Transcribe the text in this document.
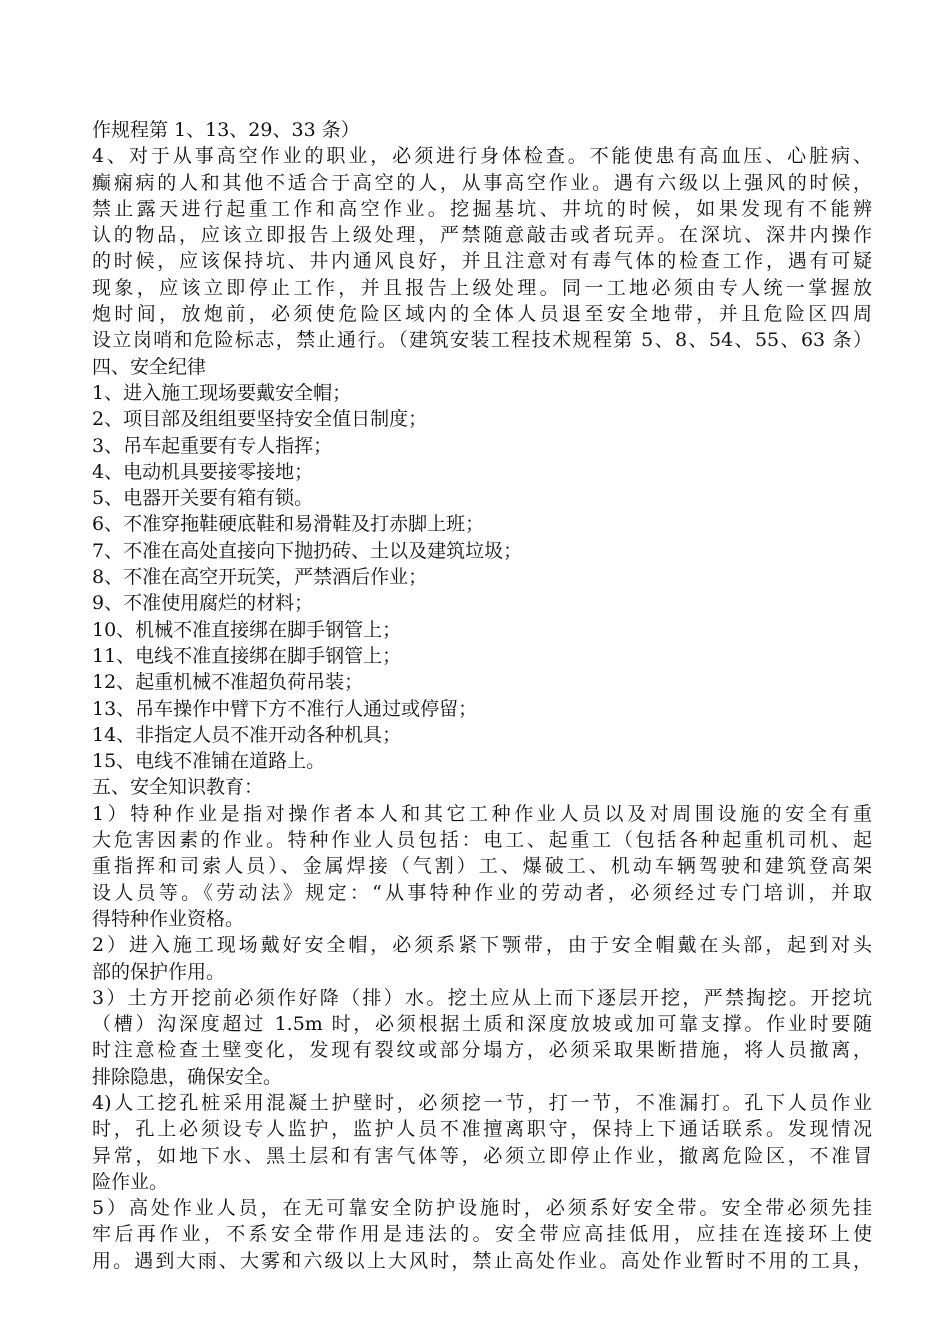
作规程第 1、13、29、33 条）
4、对于从事高空作业的职业，必须进行身体检查。不能使患有高血压、心脏病、
癫痫病的人和其他不适合于高空的人，从事高空作业。遇有六级以上强风的时候，
禁止露天进行起重工作和高空作业。挖掘基坑、井坑的时候，如果发现有不能辨
认的物品，应该立即报告上级处理，严禁随意敲击或者玩弄。在深坑、深井内操作
的时候，应该保持坑、井内通风良好，并且注意对有毒气体的检查工作，遇有可疑
现象，应该立即停止工作，并且报告上级处理。同一工地必须由专人统一掌握放
炮时间，放炮前，必须使危险区域内的全体人员退至安全地带，并且危险区四周
设立岗哨和危险标志，禁止通行。（建筑安装工程技术规程第 5、8、54、55、63 条）
四、安全纪律
1、进入施工现场要戴安全帽；
2、项目部及组组要坚持安全值日制度；
3、吊车起重要有专人指挥；
4、电动机具要接零接地；
5、电器开关要有箱有锁。
6、不准穿拖鞋硬底鞋和易滑鞋及打赤脚上班；
7、不准在高处直接向下抛扔砖、土以及建筑垃圾；
8、不准在高空开玩笑，严禁酒后作业；
9、不准使用腐烂的材料；
10、机械不准直接绑在脚手钢管上；
11、电线不准直接绑在脚手钢管上；
12、起重机械不准超负荷吊装；
13、吊车操作中臂下方不准行人通过或停留；
14、非指定人员不准开动各种机具；
15、电线不准铺在道路上。
五、安全知识教育：
1）特种作业是指对操作者本人和其它工种作业人员以及对周围设施的安全有重
大危害因素的作业。特种作业人员包括：电工、起重工（包括各种起重机司机、起
重指挥和司索人员）、金属焊接（气割）工、爆破工、机动车辆驾驶和建筑登高架
设人员等。《劳动法》规定：“从事特种作业的劳动者，必须经过专门培训，并取
得特种作业资格。
2）进入施工现场戴好安全帽，必须系紧下颚带，由于安全帽戴在头部，起到对头
部的保护作用。
3）土方开挖前必须作好降（排）水。挖土应从上而下逐层开挖，严禁掏挖。开挖坑
（槽）沟深度超过 1.5m 时，必须根据土质和深度放坡或加可靠支撑。作业时要随
时注意检查土壁变化，发现有裂纹或部分塌方，必须采取果断措施，将人员撤离，
排除隐患，确保安全。
4)人工挖孔桩采用混凝土护壁时，必须挖一节，打一节，不准漏打。孔下人员作业
时，孔上必须设专人监护，监护人员不准擅离职守，保持上下通话联系。发现情况
异常，如地下水、黑土层和有害气体等，必须立即停止作业，撤离危险区，不准冒
险作业。
5）高处作业人员，在无可靠安全防护设施时，必须系好安全带。安全带必须先挂
牢后再作业，不系安全带作用是违法的。安全带应高挂低用，应挂在连接环上使
用。遇到大雨、大雾和六级以上大风时，禁止高处作业。高处作业暂时不用的工具，
